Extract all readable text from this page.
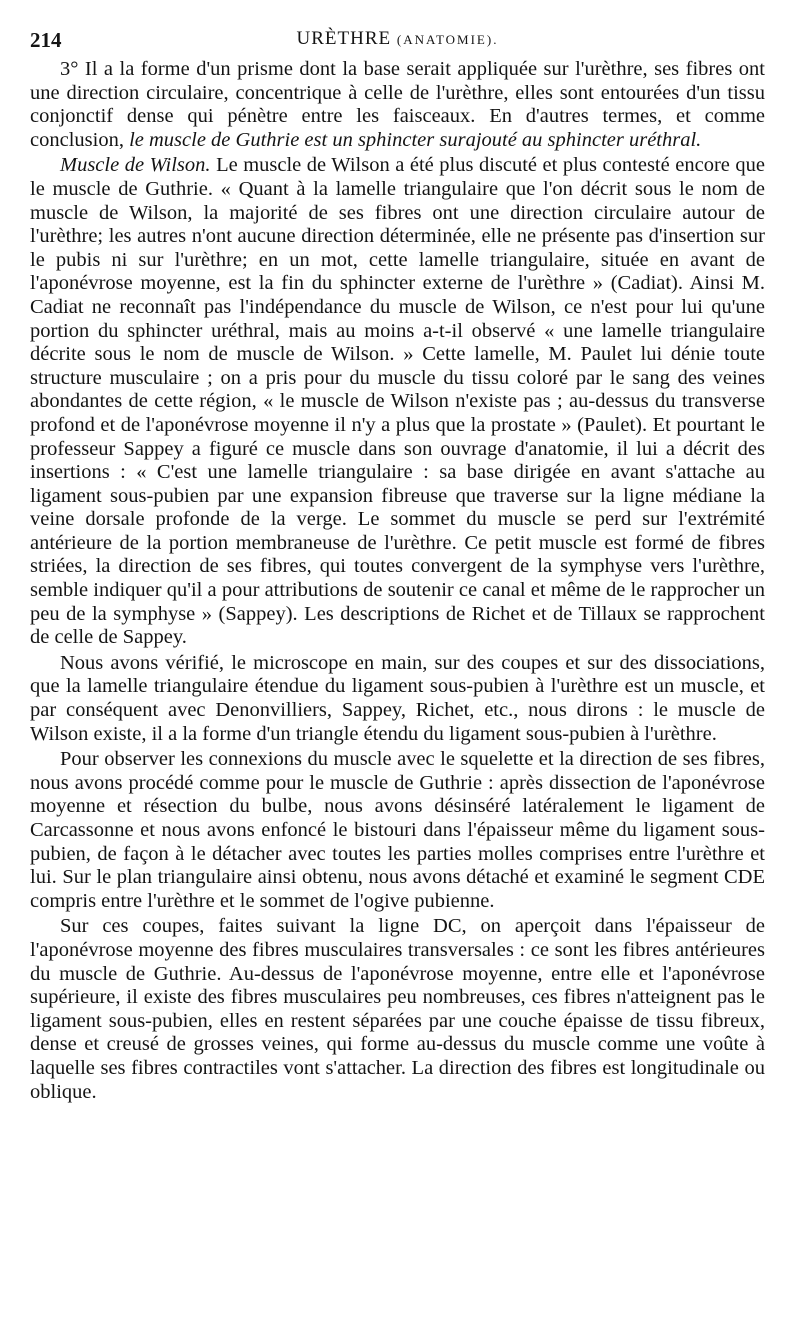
214	URÈTHRE (ANATOMIE).

3° Il a la forme d'un prisme dont la base serait appliquée sur l'urèthre, ses fibres ont une direction circulaire, concentrique à celle de l'urèthre, elles sont entourées d'un tissu conjonctif dense qui pénètre entre les faisceaux. En d'autres termes, et comme conclusion, le muscle de Guthrie est un sphincter surajouté au sphincter uréthral.

Muscle de Wilson. Le muscle de Wilson a été plus discuté et plus contesté encore que le muscle de Guthrie. « Quant à la lamelle triangulaire que l'on décrit sous le nom de muscle de Wilson, la majorité de ses fibres ont une direction circulaire autour de l'urèthre; les autres n'ont aucune direction déterminée, elle ne présente pas d'insertion sur le pubis ni sur l'urèthre; en un mot, cette lamelle triangulaire, située en avant de l'aponévrose moyenne, est la fin du sphincter externe de l'urèthre » (Cadiat). Ainsi M. Cadiat ne reconnaît pas l'indépendance du muscle de Wilson, ce n'est pour lui qu'une portion du sphincter uréthral, mais au moins a-t-il observé « une lamelle triangulaire décrite sous le nom de muscle de Wilson. » Cette lamelle, M. Paulet lui dénie toute structure musculaire ; on a pris pour du muscle du tissu coloré par le sang des veines abondantes de cette région, « le muscle de Wilson n'existe pas ; au-dessus du transverse profond et de l'aponévrose moyenne il n'y a plus que la prostate » (Paulet). Et pourtant le professeur Sappey a figuré ce muscle dans son ouvrage d'anatomie, il lui a décrit des insertions : « C'est une lamelle triangulaire : sa base dirigée en avant s'attache au ligament sous-pubien par une expansion fibreuse que traverse sur la ligne médiane la veine dorsale profonde de la verge. Le sommet du muscle se perd sur l'extrémité antérieure de la portion membraneuse de l'urèthre. Ce petit muscle est formé de fibres striées, la direction de ses fibres, qui toutes convergent de la symphyse vers l'urèthre, semble indiquer qu'il a pour attributions de soutenir ce canal et même de le rapprocher un peu de la symphyse » (Sappey). Les descriptions de Richet et de Tillaux se rapprochent de celle de Sappey.

Nous avons vérifié, le microscope en main, sur des coupes et sur des dissociations, que la lamelle triangulaire étendue du ligament sous-pubien à l'urèthre est un muscle, et par conséquent avec Denonvilliers, Sappey, Richet, etc., nous dirons : le muscle de Wilson existe, il a la forme d'un triangle étendu du ligament sous-pubien à l'urèthre.

Pour observer les connexions du muscle avec le squelette et la direction de ses fibres, nous avons procédé comme pour le muscle de Guthrie : après dissection de l'aponévrose moyenne et résection du bulbe, nous avons désinséré latéralement le ligament de Carcassonne et nous avons enfoncé le bistouri dans l'épaisseur même du ligament sous-pubien, de façon à le détacher avec toutes les parties molles comprises entre l'urèthre et lui. Sur le plan triangulaire ainsi obtenu, nous avons détaché et examiné le segment CDE compris entre l'urèthre et le sommet de l'ogive pubienne.

Sur ces coupes, faites suivant la ligne DC, on aperçoit dans l'épaisseur de l'aponévrose moyenne des fibres musculaires transversales : ce sont les fibres antérieures du muscle de Guthrie. Au-dessus de l'aponévrose moyenne, entre elle et l'aponévrose supérieure, il existe des fibres musculaires peu nombreuses, ces fibres n'atteignent pas le ligament sous-pubien, elles en restent séparées par une couche épaisse de tissu fibreux, dense et creusé de grosses veines, qui forme au-dessus du muscle comme une voûte à laquelle ses fibres contractiles vont s'attacher. La direction des fibres est longitudinale ou oblique.
